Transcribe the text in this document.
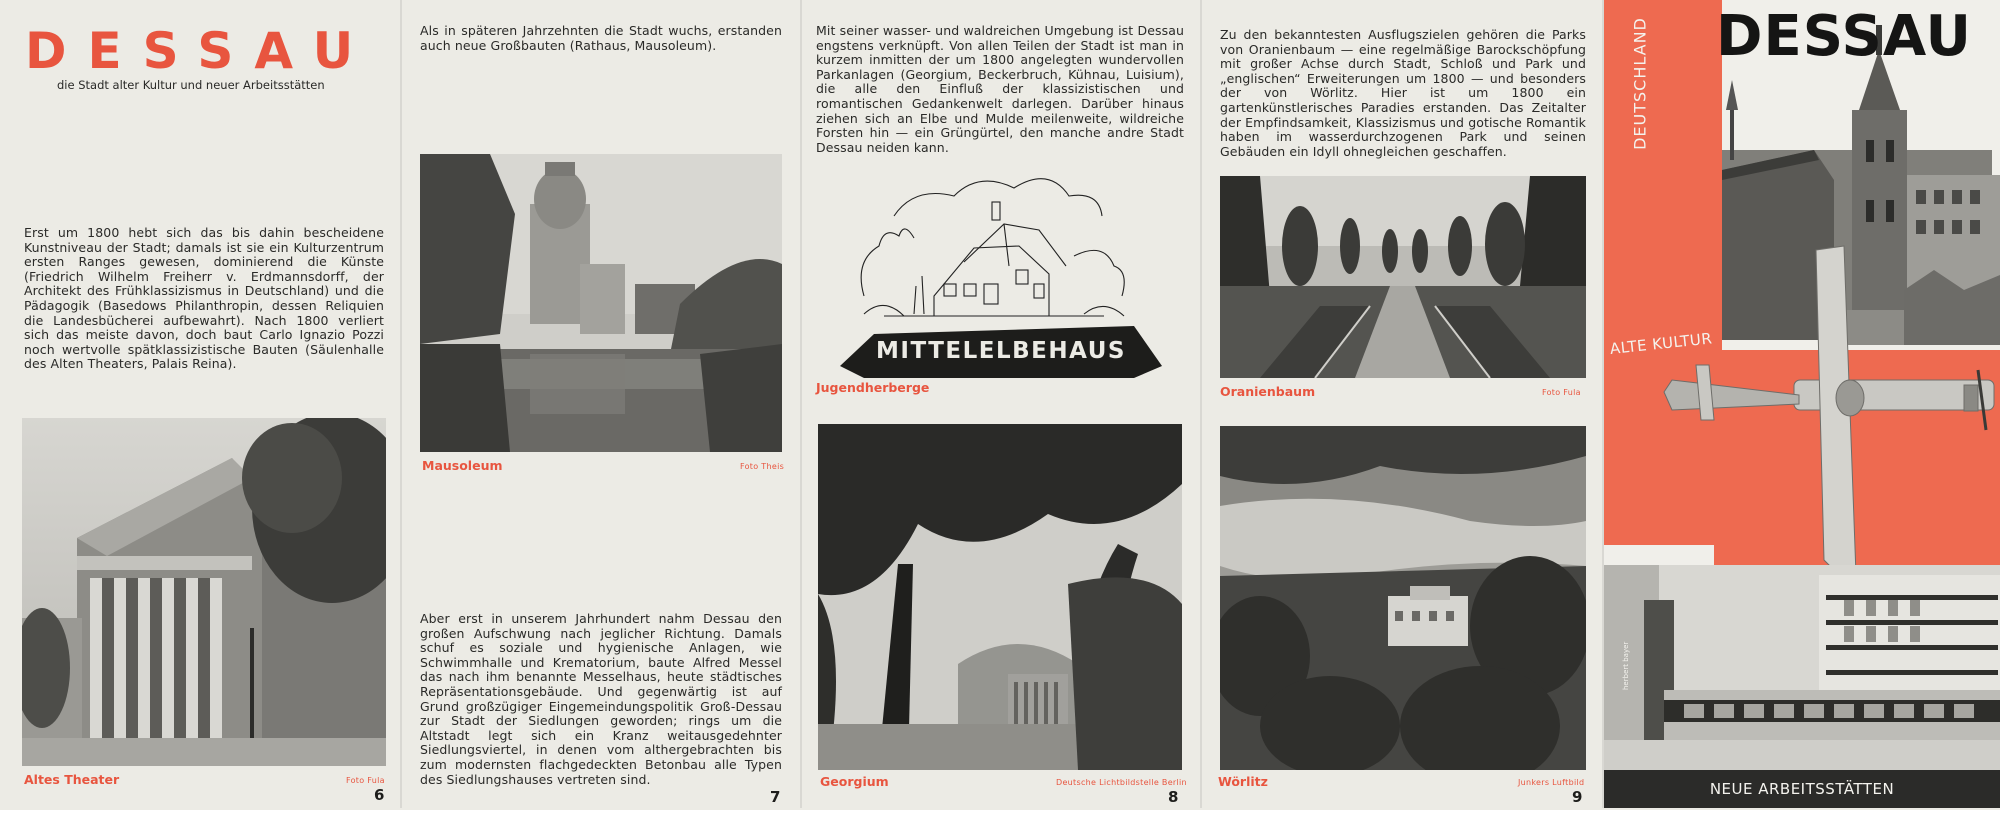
DESSAU
die Stadt alter Kultur und neuer Arbeitsstätten
Erst um 1800 hebt sich das bis dahin bescheidene Kunstniveau der Stadt; damals ist sie ein Kulturzentrum ersten Ranges gewesen, dominierend die Künste (Friedrich Wilhelm Freiherr v. Erdmannsdorff, der Architekt des Frühklassizismus in Deutschland) und die Pädagogik (Basedows Philanthropin, dessen Reliquien die Landesbücherei aufbewahrt). Nach 1800 verliert sich das meiste davon, doch baut Carlo Ignazio Pozzi noch wertvolle spätklassizistische Bauten (Säulenhalle des Alten Theaters, Palais Reina).
Altes Theater	Foto Fula
6
Als in späteren Jahrzehnten die Stadt wuchs, erstanden auch neue Großbauten (Rathaus, Mausoleum).
Mausoleum	Foto Theis
Aber erst in unserem Jahrhundert nahm Dessau den großen Aufschwung nach jeglicher Richtung. Damals schuf es soziale und hygienische Anlagen, wie Schwimmhalle und Krematorium, baute Alfred Messel das nach ihm benannte Messelhaus, heute städtisches Repräsentationsgebäude. Und gegenwärtig ist auf Grund großzügiger Eingemeindungspolitik Groß-Dessau zur Stadt der Siedlungen geworden; rings um die Altstadt legt sich ein Kranz weitausgedehnter Siedlungsviertel, in denen vom althergebrachten bis zum modernsten flachgedeckten Betonbau alle Typen des Siedlungshauses vertreten sind.
7
Mit seiner wasser- und waldreichen Umgebung ist Dessau engstens verknüpft. Von allen Teilen der Stadt ist man in kurzem inmitten der um 1800 angelegten wundervollen Parkanlagen (Georgium, Beckerbruch, Kühnau, Luisium), die alle den Einfluß der klassizistischen und romantischen Gedankenwelt darlegen. Darüber hinaus ziehen sich an Elbe und Mulde meilenweite, wildreiche Forsten hin — ein Grüngürtel, den manche andre Stadt Dessau neiden kann.
MITTELELBEHAUS
Jugendherberge
Georgium	Deutsche Lichtbildstelle Berlin
8
Zu den bekanntesten Ausflugszielen gehören die Parks von Oranienbaum — eine regelmäßige Barockschöpfung mit großer Achse durch Stadt, Schloß und Park und „englischen“ Erweiterungen um 1800 — und besonders der von Wörlitz. Hier ist um 1800 ein gartenkünstlerisches Paradies erstanden. Das Zeitalter der Empfindsamkeit, Klassizismus und gotische Romantik haben im wasserdurchzogenen Park und seinen Gebäuden ein Idyll ohnegleichen geschaffen.
Oranienbaum	Foto Fula
Wörlitz	Junkers Luftbild
9
DESSAU
DEUTSCHLAND
ALTE KULTUR
herbert bayer
NEUE ARBEITSSTÄTTEN
